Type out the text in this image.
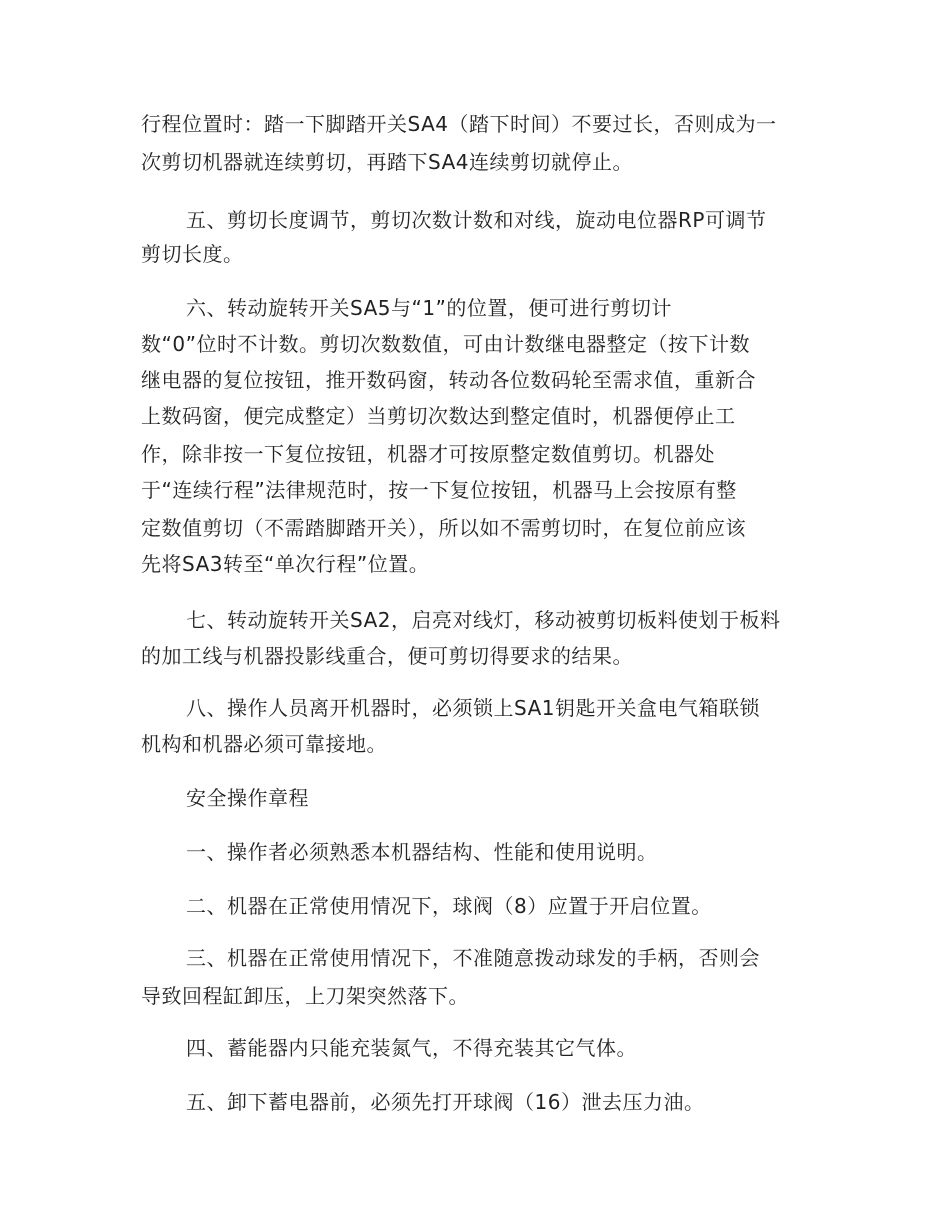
行程位置时：踏一下脚踏开关SA4（踏下时间）不要过长，否则成为一
次剪切机器就连续剪切，再踏下SA4连续剪切就停止。
五、剪切长度调节，剪切次数计数和对线，旋动电位器RP可调节
剪切长度。
六、转动旋转开关SA5与“1”的位置，便可进行剪切计
数“0”位时不计数。剪切次数数值，可由计数继电器整定（按下计数
继电器的复位按钮，推开数码窗，转动各位数码轮至需求值，重新合
上数码窗，便完成整定）当剪切次数达到整定值时，机器便停止工
作，除非按一下复位按钮，机器才可按原整定数值剪切。机器处
于“连续行程”法律规范时，按一下复位按钮，机器马上会按原有整
定数值剪切（不需踏脚踏开关），所以如不需剪切时，在复位前应该
先将SA3转至“单次行程”位置。
七、转动旋转开关SA2，启亮对线灯，移动被剪切板料使划于板料
的加工线与机器投影线重合，便可剪切得要求的结果。
八、操作人员离开机器时，必须锁上SA1钥匙开关盒电气箱联锁
机构和机器必须可靠接地。
安全操作章程
一、操作者必须熟悉本机器结构、性能和使用说明。
二、机器在正常使用情况下，球阀（8）应置于开启位置。
三、机器在正常使用情况下，不准随意拨动球发的手柄，否则会
导致回程缸卸压，上刀架突然落下。
四、蓄能器内只能充装氮气，不得充装其它气体。
五、卸下蓄电器前，必须先打开球阀（16）泄去压力油。
